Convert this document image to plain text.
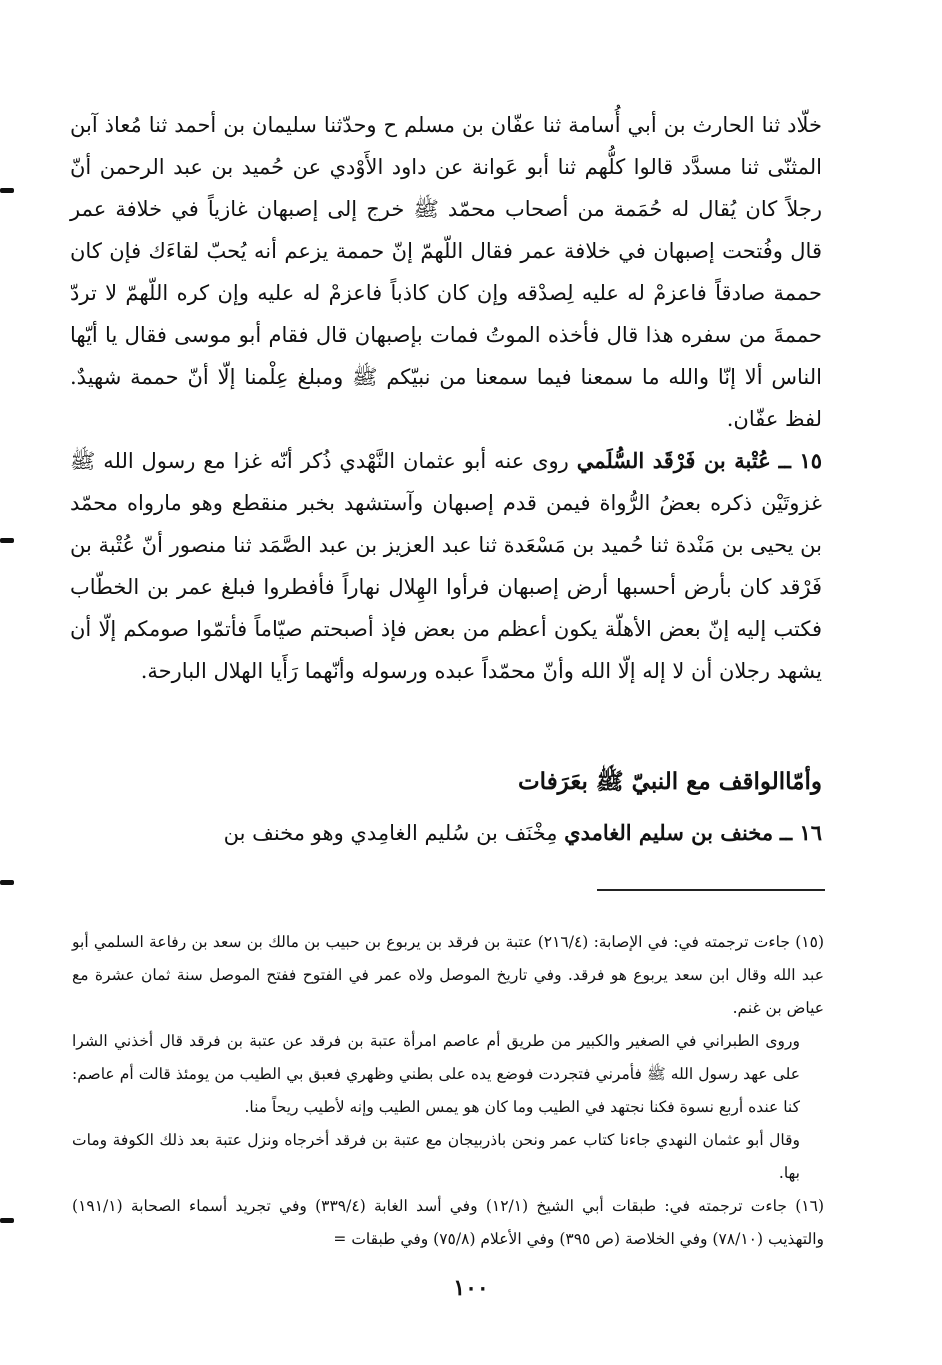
خلّاد ثنا الحارث بن أبي أُسامة ثنا عفّان بن مسلم ح وحدّثنا سليمان بن أحمد ثنا مُعاذ آبن المثنّى ثنا مسدَّد قالوا كلُّهم ثنا أبو عَوانة عن داود الأَوْدي عن حُميد بن عبد الرحمن أنّ رجلاً كان يُقال له حُمَمة من أصحاب محمّد ﷺ خرج إلى إصبهان غازياً في خلافة عمر قال وفُتحت إصبهان في خلافة عمر فقال اللّهمّ إنّ حممة يزعم أنه يُحبّ لقاءَك فإن كان حممة صادقاً فاعزمْ له عليه لِصدْقه وإن كان كاذباً فاعزمْ له عليه وإن كره اللّهمّ لا تردّ حممةَ من سفره هذا قال فأخذه الموتُ فمات بإصبهان قال فقام أبو موسى فقال يا أيّها الناس ألا إنّا والله ما سمعنا فيما سمعنا من نبيّكم ﷺ ومبلغ عِلْمنا إلّا أنّ حممة شهيدٌ. لفظ عفّان.

١٥ ــ عُتْبة بن فَرْقَد السُّلَمي روى عنه أبو عثمان النَّهْدي ذُكر أنّه غزا مع رسول الله ﷺ غزوتَيْن ذكره بعضُ الرُّواة فيمن قدم إصبهان وآستشهد بخبر منقطع وهو مارواه محمّد بن يحيى بن مَنْدة ثنا حُميد بن مَسْعَدة ثنا عبد العزيز بن عبد الصَّمَد ثنا منصور أنّ عُتْبة بن فَرْقد كان بأرض أحسبها أرض إصبهان فرأوا الهِلال نهاراً فأفطروا فبلغ عمر بن الخطّاب فكتب إليه إنّ بعض الأهلّة يكون أعظم من بعض فإذ أصبحتم صيّاماً فأتمّوا صومكم إلّا أن يشهد رجلان أن لا إله إلّا الله وأنّ محمّداً عبده ورسوله وأنّهما رَأَيا الهلال البارحة.

وأمّاالواقف مع النبيّ ﷺ بعَرَفات
١٦ ــ مخنف بن سليم الغامدي مِخْنَف بن سُليم الغامِدي وهو مخنف بن

(١٥) جاءت ترجمته في: في الإصابة: (٢١٦/٤) عتبة بن فرقد بن يربوع بن حبيب بن مالك بن سعد بن رفاعة السلمي أبو عبد الله وقال ابن سعد يربوع هو فرقد. وفي تاريخ الموصل ولاه عمر في الفتوح ففتح الموصل سنة ثمان عشرة مع عياض بن غنم.

وروى الطبراني في الصغير والكبير من طريق أم عاصم امرأة عتبة بن فرقد عن عتبة بن فرقد قال أخذني الشرا على عهد رسول الله ﷺ فأمرني فتجردت فوضع يده على بطني وظهري فعبق بي الطيب من يومئذ قالت أم عاصم: كنا عنده أربع نسوة فكنا نجتهد في الطيب وما كان هو يمس الطيب وإنه لأطيب ريحاً منا.

وقال أبو عثمان النهدي جاءنا كتاب عمر ونحن باذربيجان مع عتبة بن فرقد أخرجاه ونزل عتبة بعد ذلك الكوفة ومات بها.

(١٦) جاءت ترجمته في: طبقات أبي الشيخ (١٢/١) وفي أسد الغابة (٣٣٩/٤) وفي تجريد أسماء الصحابة (١٩١/١) والتهذيب (٧٨/١٠) وفي الخلاصة (ص ٣٩٥) وفي الأعلام (٧٥/٨) وفي طبقات =

١٠٠
